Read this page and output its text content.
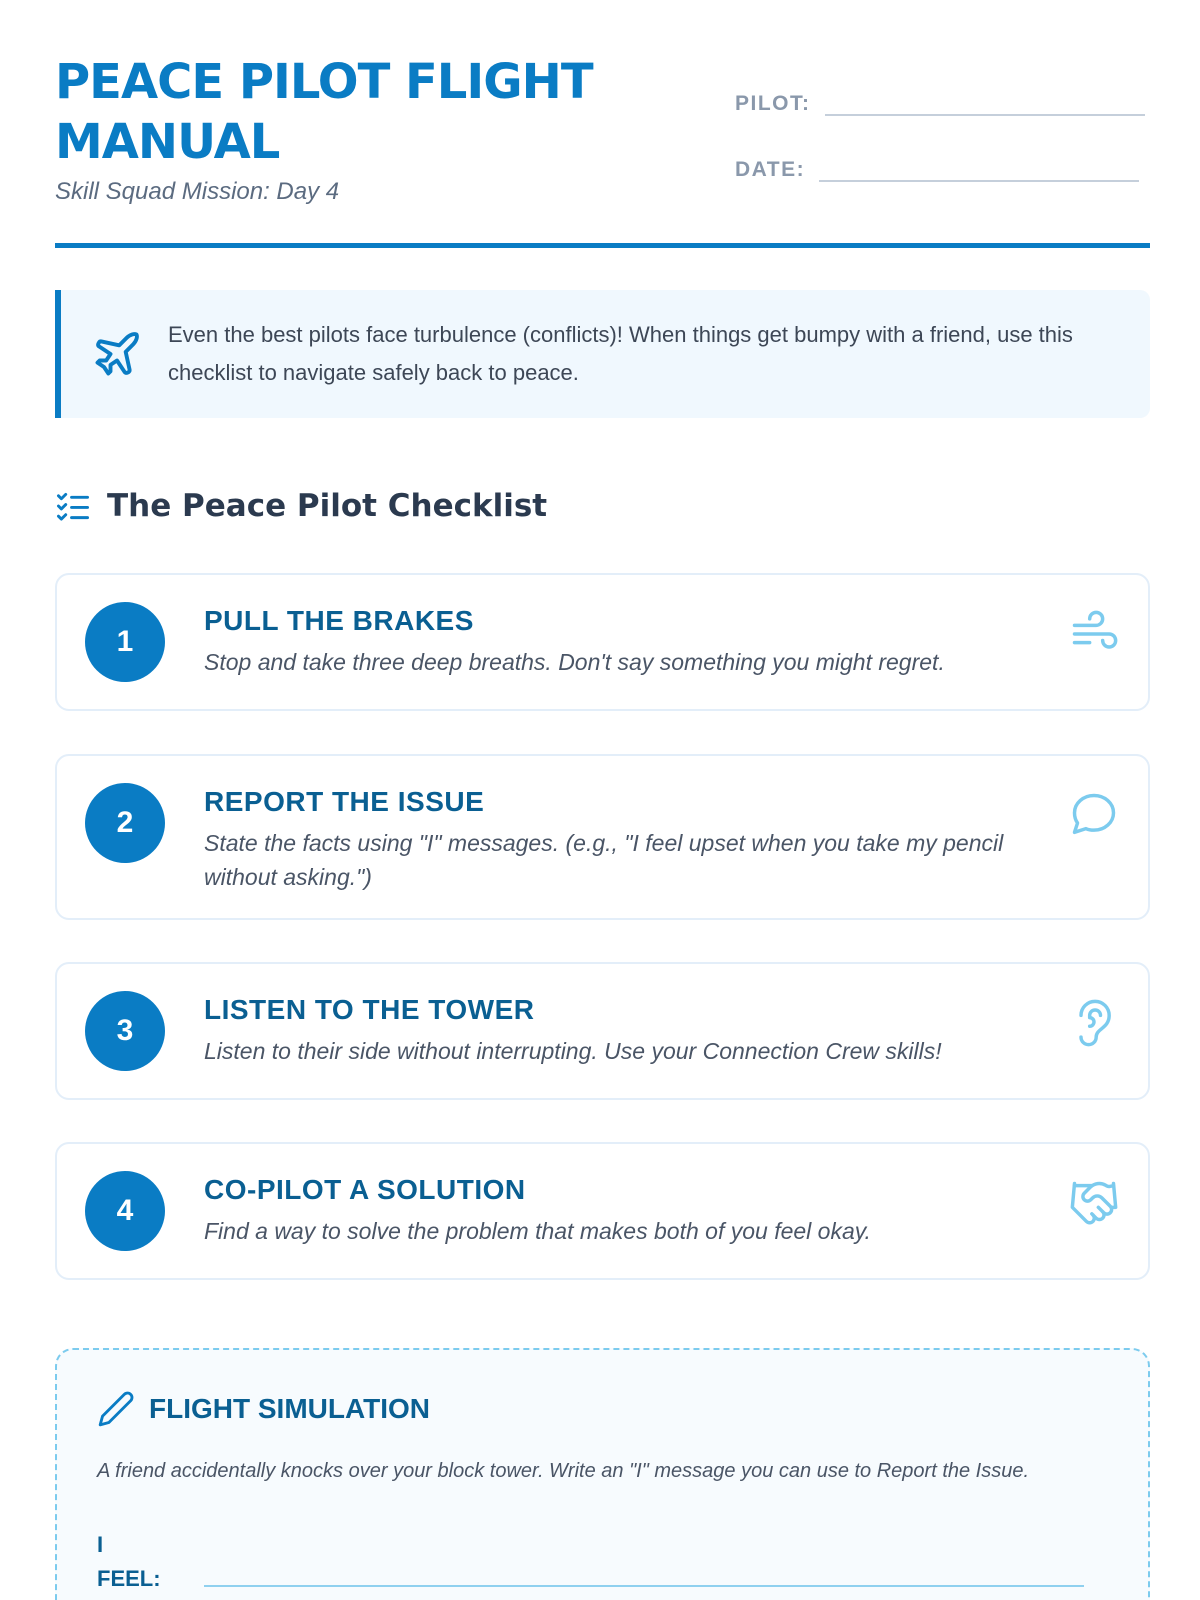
PEACE PILOT FLIGHT MANUAL
Skill Squad Mission: Day 4
PILOT:
DATE:
Even the best pilots face turbulence (conflicts)! When things get bumpy with a friend, use this checklist to navigate safely back to peace.
The Peace Pilot Checklist
1
PULL THE BRAKES
Stop and take three deep breaths. Don't say something you might regret.
2
REPORT THE ISSUE
State the facts using "I" messages. (e.g., "I feel upset when you take my pencil without asking.")
3
LISTEN TO THE TOWER
Listen to their side without interrupting. Use your Connection Crew skills!
4
CO-PILOT A SOLUTION
Find a way to solve the problem that makes both of you feel okay.
FLIGHT SIMULATION
A friend accidentally knocks over your block tower. Write an "I" message you can use to Report the Issue.
I
FEEL:
